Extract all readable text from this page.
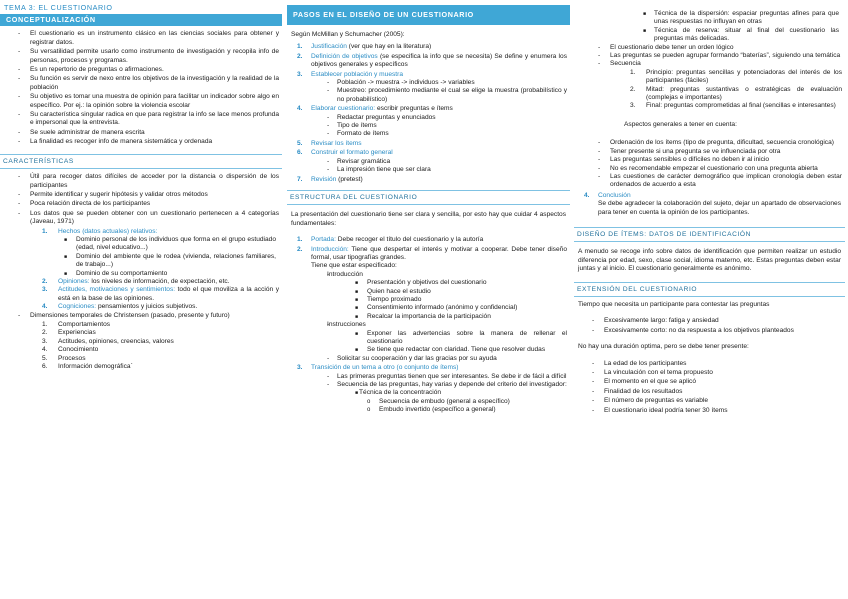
TEMA 3: EL CUESTIONARIO
CONCEPTUALIZACIÓN
- El cuestionario es un instrumento clásico en las ciencias sociales para obtener y registrar datos.
- Su versatilidad permite usarlo como instrumento de investigación y recopila info de personas, procesos y programas.
- Es un repertorio de preguntas o afirmaciones.
- Su función es servir de nexo entre los objetivos de la investigación y la realidad de la población
- Su objetivo es tomar una muestra de opinión para facilitar un indicador sobre algo en específico. Por ej.: la opinión sobre la violencia escolar
- Su característica singular radica en que para registrar la info se lace menos profunda e impersonal que la entrevista.
- Se suele administrar de manera escrita
- La finalidad es recoger info de manera sistemática y ordenada
CARACTERÍSTICAS
- Útil para recoger datos difíciles de acceder por la distancia o dispersión de los participantes
- Permite identificar y sugerir hipótesis y validar otros métodos
- Poca relación directa de los participantes
- Los datos que se pueden obtener con un cuestionario pertenecen a 4 categorías (Javeau, 1971)
1. Hechos (datos actuales) relativos:
■ Dominio personal de los individuos que forma en el grupo estudiado (edad, nivel educativo...)
■ Dominio del ambiente que le rodea (vivienda, relaciones familiares, de trabajo...)
■ Dominio de su comportamiento
2. Opiniones: los niveles de información, de expectación, etc.
3. Actitudes, motivaciones y sentimientos: todo el que moviliza a la acción y está en la base de las opiniones.
4. Cogniciones: pensamientos y juicios subjetivos.
- Dimensiones temporales de Christensen (pasado, presente y futuro)
1. Comportamientos
2. Experiencias
3. Actitudes, opiniones, creencias, valores
4. Conocimiento
5. Procesos
6. Información demográfica`
PASOS EN EL DISEÑO DE UN CUESTIONARIO
Según McMillan y Schumacher (2005):
1. Justificación (ver que hay en la literatura)
2. Definición de objetivos (se especifica la info que se necesita) Se define y enumera los objetivos generales y específicos
3. Establecer población y muestra
- Población -> muestra -> individuos -> variables
- Muestreo: procedimiento mediante el cual se elige la muestra (probabilístico y no probabilístico)
4. Elaborar cuestionario: escribir preguntas e ítems
- Redactar preguntas y enunciados
- Tipo de ítems
- Formato de ítems
5. Revisar los ítems
6. Construir el formato general
- Revisar gramática
- La impresión tiene que ser clara
7. Revisión (pretest)
ESTRUCTURA DEL CUESTIONARIO
La presentación del cuestionario tiene ser clara y sencilla, por esto hay que cuidar 4 aspectos fundamentales:
1. Portada: Debe recoger el título del cuestionario y la autoría
2. Introducción: Tiene que despertar el interés y motivar a cooperar. Debe tener diseño formal, usar tipografías grandes.
Tiene que estar especificado:
- Introducción
■ Presentación y objetivos del cuestionario
■ Quien hace el estudio
■ Tiempo proximado
■ Consentimiento informado (anónimo y confidencial)
■ Recalcar la importancia de la participación
- Instrucciones
■ Exponer las advertencias sobre la manera de rellenar el cuestionario
■ Se tiene que redactar con claridad. Tiene que resolver dudas
- Solicitar su cooperación y dar las gracias por su ayuda
3. Transición de un tema a otro (o conjunto de ítems)
- Las primeras preguntas tienen que ser interesantes. Se debe ir de fácil a difícil
- Secuencia de las preguntas, hay varias y depende del criterio del investigador:
■ Técnica de la concentración
o Secuencia de embudo (general a específico)
o Embudo invertido (específico a general)
■ Técnica de la dispersión: espaciar preguntas afines para que unas respuestas no influyan en otras
■ Técnica de reserva: situar al final del cuestionario las preguntas más delicadas.
- El cuestionario debe tener un orden lógico
- Las preguntas se pueden agrupar formando “baterías”, siguiendo una temática
- Secuencia
1. Principio: preguntas sencillas y potenciadoras del interés de los participantes (fáciles)
2. Mitad: preguntas sustantivas o estratégicas de evaluación (complejas e importantes)
3. Final: preguntas comprometidas al final (sencillas e interesantes)
Aspectos generales a tener en cuenta:
- Ordenación de los ítems (tipo de pregunta, dificultad, secuencia cronológica)
- Tener presente si una pregunta se ve influenciada por otra
- Las preguntas sensibles o difíciles no deben ir al inicio
- No es recomendable empezar el cuestionario con una pregunta abierta
- Las cuestiones de carácter demográfico que implican cronología deben estar ordenados de acuerdo a esta
4. Conclusión
Se debe agradecer la colaboración del sujeto, dejar un apartado de observaciones para tener en cuenta la opinión de los participantes.
DISEÑO DE ÍTEMS: DATOS DE IDENTIFICACIÓN
A menudo se recoge info sobre datos de identificación que permiten realizar un estudio diferencia por edad, sexo, clase social, idioma materno, etc. Estas preguntas deben estar juntas y al inicio. El cuestionario generalmente es anónimo.
EXTENSIÓN DEL CUESTIONARIO
Tiempo que necesita un participante para contestar las preguntas
- Excesivamente largo: fatiga y ansiedad
- Excesivamente corto: no da respuesta a los objetivos planteados
No hay una duración optima, pero se debe tener presente:
- La edad de los participantes
- La vinculación con el tema propuesto
- El momento en el que se aplicó
- Finalidad de los resultados
- El número de preguntas es variable
- El cuestionario ideal podría tener 30 ítems
